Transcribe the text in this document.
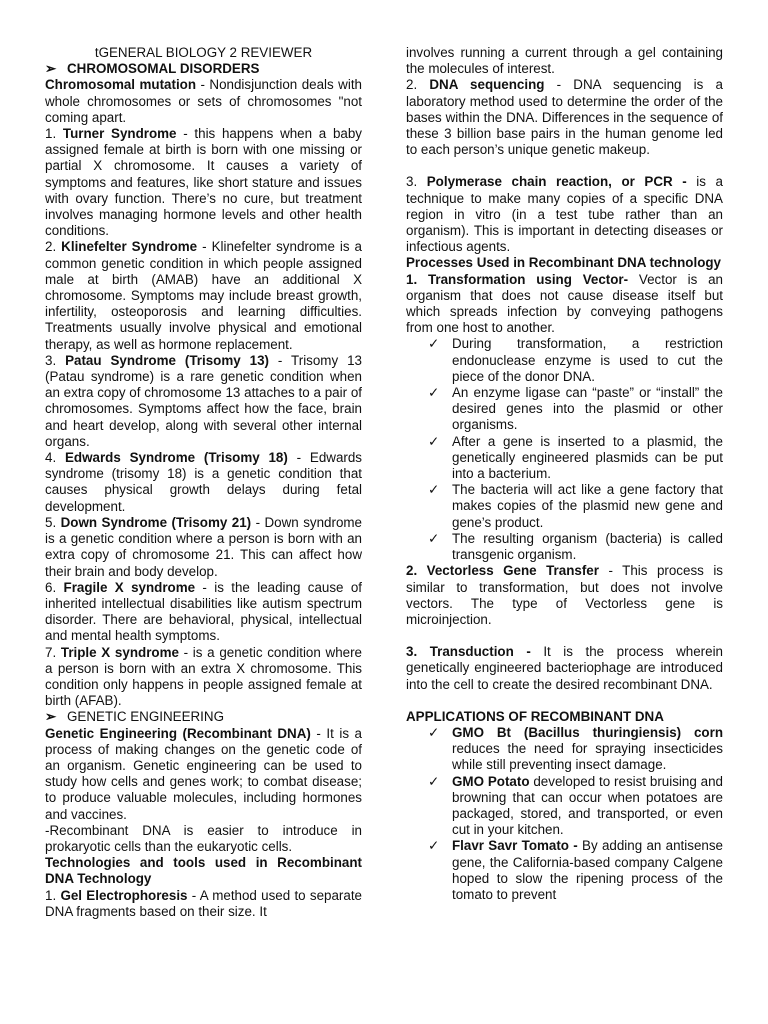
tGENERAL BIOLOGY 2 REVIEWER

➢ CHROMOSOMAL DISORDERS

Chromosomal mutation - Nondisjunction deals with whole chromosomes or sets of chromosomes "not coming apart.

1. Turner Syndrome - this happens when a baby assigned female at birth is born with one missing or partial X chromosome. It causes a variety of symptoms and features, like short stature and issues with ovary function. There’s no cure, but treatment involves managing hormone levels and other health conditions.

2. Klinefelter Syndrome - Klinefelter syndrome is a common genetic condition in which people assigned male at birth (AMAB) have an additional X chromosome. Symptoms may include breast growth, infertility, osteoporosis and learning difficulties. Treatments usually involve physical and emotional therapy, as well as hormone replacement.

3. Patau Syndrome (Trisomy 13) - Trisomy 13 (Patau syndrome) is a rare genetic condition when an extra copy of chromosome 13 attaches to a pair of chromosomes. Symptoms affect how the face, brain and heart develop, along with several other internal organs.

4. Edwards Syndrome (Trisomy 18) - Edwards syndrome (trisomy 18) is a genetic condition that causes physical growth delays during fetal development.

5. Down Syndrome (Trisomy 21) - Down syndrome is a genetic condition where a person is born with an extra copy of chromosome 21. This can affect how their brain and body develop.

6. Fragile X syndrome - is the leading cause of inherited intellectual disabilities like autism spectrum disorder. There are behavioral, physical, intellectual and mental health symptoms.

7. Triple X syndrome - is a genetic condition where a person is born with an extra X chromosome. This condition only happens in people assigned female at birth (AFAB).

➢ GENETIC ENGINEERING

Genetic Engineering (Recombinant DNA) - It is a process of making changes on the genetic code of an organism. Genetic engineering can be used to study how cells and genes work; to combat disease; to produce valuable molecules, including hormones and vaccines.

-Recombinant DNA is easier to introduce in prokaryotic cells than the eukaryotic cells.

Technologies and tools used in Recombinant DNA Technology

1. Gel Electrophoresis - A method used to separate DNA fragments based on their size. It

involves running a current through a gel containing the molecules of interest.

2. DNA sequencing - DNA sequencing is a laboratory method used to determine the order of the bases within the DNA. Differences in the sequence of these 3 billion base pairs in the human genome led to each person’s unique genetic makeup.

3. Polymerase chain reaction, or PCR - is a technique to make many copies of a specific DNA region in vitro (in a test tube rather than an organism). This is important in detecting diseases or infectious agents.

Processes Used in Recombinant DNA technology

1. Transformation using Vector- Vector is an organism that does not cause disease itself but which spreads infection by conveying pathogens from one host to another.

✓ During transformation, a restriction endonuclease enzyme is used to cut the piece of the donor DNA.
✓ An enzyme ligase can “paste” or “install” the desired genes into the plasmid or other organisms.
✓ After a gene is inserted to a plasmid, the genetically engineered plasmids can be put into a bacterium.
✓ The bacteria will act like a gene factory that makes copies of the plasmid new gene and gene’s product.
✓ The resulting organism (bacteria) is called transgenic organism.

2. Vectorless Gene Transfer - This process is similar to transformation, but does not involve vectors. The type of Vectorless gene is microinjection.

3. Transduction - It is the process wherein genetically engineered bacteriophage are introduced into the cell to create the desired recombinant DNA.

APPLICATIONS OF RECOMBINANT DNA

✓ GMO Bt (Bacillus thuringiensis) corn reduces the need for spraying insecticides while still preventing insect damage.
✓ GMO Potato developed to resist bruising and browning that can occur when potatoes are packaged, stored, and transported, or even cut in your kitchen.
✓ Flavr Savr Tomato - By adding an antisense gene, the California-based company Calgene hoped to slow the ripening process of the tomato to prevent
